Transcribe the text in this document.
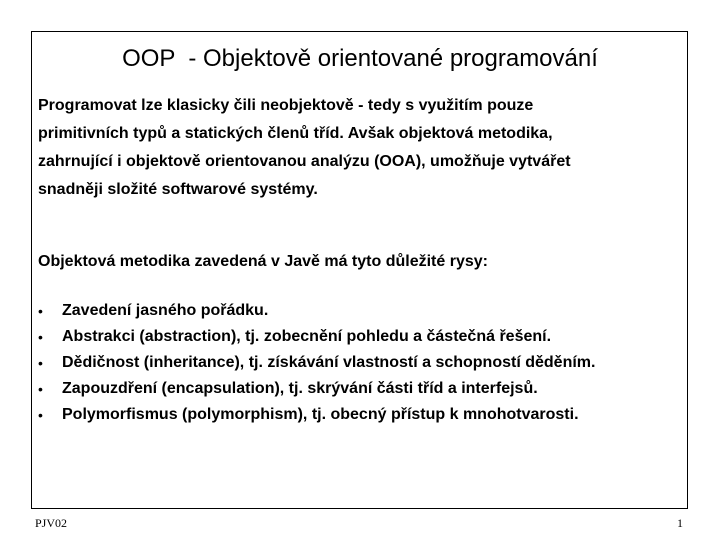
OOP  - Objektově orientované programování

Programovat lze klasicky čili neobjektově - tedy s využitím pouze
primitivních typů a statických členů tříd. Avšak objektová metodika,
zahrnující i objektově orientovanou analýzu (OOA), umožňuje vytvářet
snadněji složité softwarové systémy.

Objektová metodika zavedená v Javě má tyto důležité rysy:

• Zavedení jasného pořádku.
• Abstrakci (abstraction), tj. zobecnění pohledu a částečná řešení.
• Dědičnost (inheritance), tj. získávání vlastností a schopností děděním.
• Zapouzdření (encapsulation), tj. skrývání části tříd a interfejsů.
• Polymorfismus (polymorphism), tj. obecný přístup k mnohotvarosti.
PJV02	1
